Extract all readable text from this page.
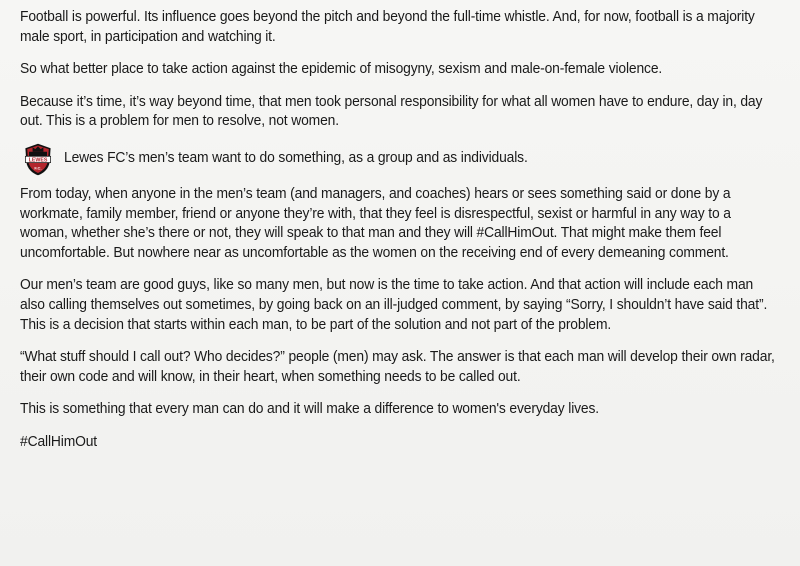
Football is powerful. Its influence goes beyond the pitch and beyond the full-time whistle. And, for now, football is a majority male sport, in participation and watching it.

So what better place to take action against the epidemic of misogyny, sexism and male-on-female violence.

Because it’s time, it’s way beyond time, that men took personal responsibility for what all women have to endure, day in, day out. This is a problem for men to resolve, not women.

LEWES
F.C.

Lewes FC’s men’s team want to do something, as a group and as individuals.

From today, when anyone in the men’s team (and managers, and coaches) hears or sees something said or done by a workmate, family member, friend or anyone they’re with, that they feel is disrespectful, sexist or harmful in any way to a woman, whether she’s there or not, they will speak to that man and they will #CallHimOut. That might make them feel uncomfortable. But nowhere near as uncomfortable as the women on the receiving end of every demeaning comment.

Our men’s team are good guys, like so many men, but now is the time to take action. And that action will include each man also calling themselves out sometimes, by going back on an ill-judged comment, by saying “Sorry, I shouldn’t have said that”. This is a decision that starts within each man, to be part of the solution and not part of the problem.

“What stuff should I call out? Who decides?” people (men) may ask. The answer is that each man will develop their own radar, their own code and will know, in their heart, when something needs to be called out.

This is something that every man can do and it will make a difference to women's everyday lives.

#CallHimOut
